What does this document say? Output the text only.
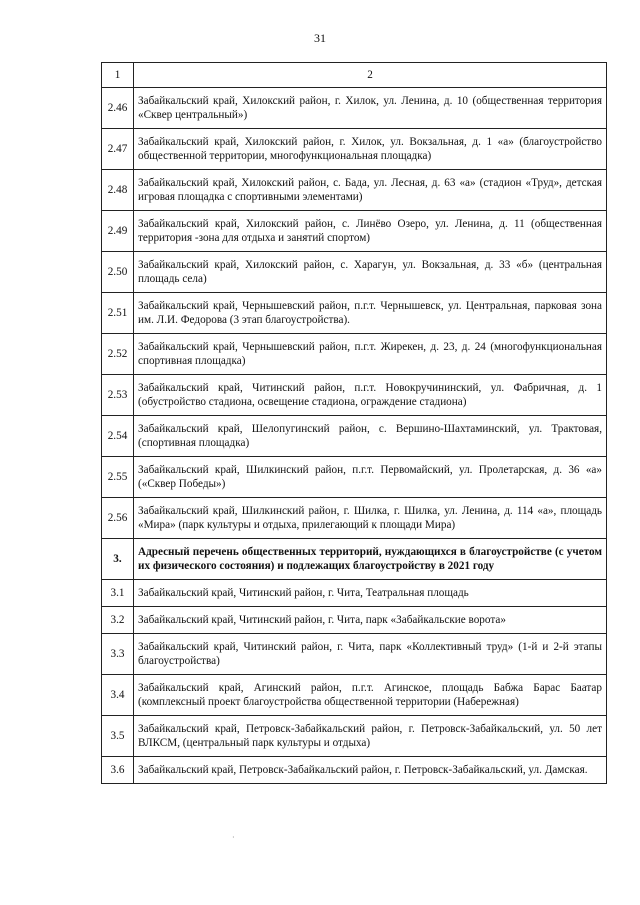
31
1	2
2.46	Забайкальский край, Хилокский район, г. Хилок, ул. Ленина, д. 10 (общественная территория «Сквер центральный»)
2.47	Забайкальский край, Хилокский район, г. Хилок, ул. Вокзальная, д. 1 «а» (благоустройство общественной территории, многофункциональная площадка)
2.48	Забайкальский край, Хилокский район, с. Бада, ул. Лесная, д. 63 «а» (стадион «Труд», детская игровая площадка с спортивными элементами)
2.49	Забайкальский край, Хилокский район, с. Линёво Озеро, ул. Ленина, д. 11 (общественная территория -зона для отдыха и занятий спортом)
2.50	Забайкальский край, Хилокский район, с. Харагун, ул. Вокзальная, д. 33 «б» (центральная площадь села)
2.51	Забайкальский край, Чернышевский район, п.г.т. Чернышевск, ул. Центральная, парковая зона им. Л.И. Федорова (3 этап благоустройства).
2.52	Забайкальский край, Чернышевский район, п.г.т. Жирекен, д. 23, д. 24 (многофункциональная спортивная площадка)
2.53	Забайкальский край, Читинский район, п.г.т. Новокручининский, ул. Фабричная, д. 1 (обустройство стадиона, освещение стадиона, ограждение стадиона)
2.54	Забайкальский край, Шелопугинский район, с. Вершино-Шахтаминский, ул. Трактовая, (спортивная площадка)
2.55	Забайкальский край, Шилкинский район, п.г.т. Первомайский, ул. Пролетарская, д. 36 «а» («Сквер Победы»)
2.56	Забайкальский край, Шилкинский район, г. Шилка, г. Шилка, ул. Ленина, д. 114 «а», площадь «Мира» (парк культуры и отдыха, прилегающий к площади Мира)
3.	Адресный перечень общественных территорий, нуждающихся в благоустройстве (с учетом их физического состояния) и подлежащих благоустройству в 2021 году
3.1	Забайкальский край, Читинский район, г. Чита, Театральная площадь
3.2	Забайкальский край, Читинский район, г. Чита, парк «Забайкальские ворота»
3.3	Забайкальский край, Читинский район, г. Чита, парк «Коллективный труд» (1-й и 2-й этапы благоустройства)
3.4	Забайкальский край, Агинский район, п.г.т. Агинское, площадь Бабжа Барас Баатар (комплексный проект благоустройства общественной территории (Набережная)
3.5	Забайкальский край, Петровск-Забайкальский район, г. Петровск-Забайкальский, ул. 50 лет ВЛКСМ, (центральный парк культуры и отдыха)
3.6	Забайкальский край, Петровск-Забайкальский район, г. Петровск-Забайкальский, ул. Дамская.
·
